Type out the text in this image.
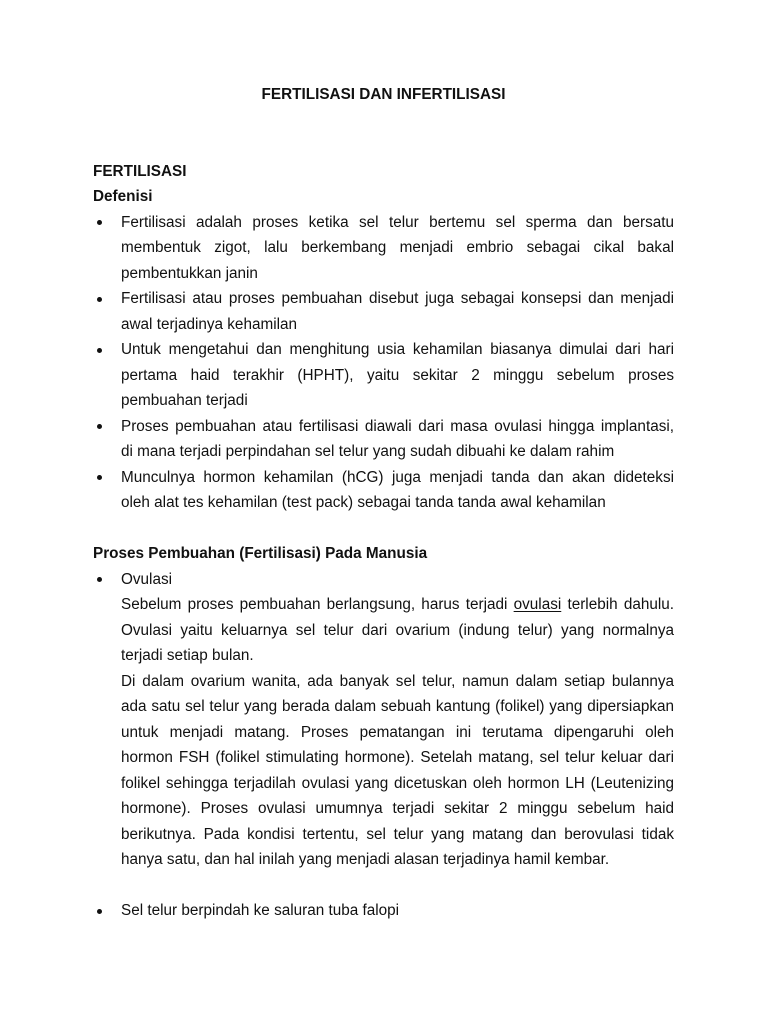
FERTILISASI DAN INFERTILISASI
FERTILISASI
Defenisi
Fertilisasi adalah proses ketika sel telur bertemu sel sperma dan bersatu
membentuk zigot, lalu berkembang menjadi embrio sebagai cikal bakal
pembentukkan janin
Fertilisasi atau proses pembuahan disebut juga sebagai konsepsi dan menjadi
awal terjadinya kehamilan
Untuk mengetahui dan menghitung usia kehamilan biasanya dimulai dari hari
pertama haid terakhir (HPHT), yaitu sekitar 2 minggu sebelum proses
pembuahan terjadi
Proses pembuahan atau fertilisasi diawali dari masa ovulasi hingga implantasi,
di mana terjadi perpindahan sel telur yang sudah dibuahi ke dalam rahim
Munculnya hormon kehamilan (hCG) juga menjadi tanda dan akan dideteksi
oleh alat tes kehamilan (test pack) sebagai tanda tanda awal kehamilan
Proses Pembuahan (Fertilisasi) Pada Manusia
Ovulasi
Sebelum proses pembuahan berlangsung, harus terjadi ovulasi terlebih dahulu.
Ovulasi yaitu keluarnya sel telur dari ovarium (indung telur) yang normalnya
terjadi setiap bulan.
Di dalam ovarium wanita, ada banyak sel telur, namun dalam setiap bulannya
ada satu sel telur yang berada dalam sebuah kantung (folikel) yang dipersiapkan
untuk menjadi matang. Proses pematangan ini terutama dipengaruhi oleh
hormon FSH (folikel stimulating hormone). Setelah matang, sel telur keluar dari
folikel sehingga terjadilah ovulasi yang dicetuskan oleh hormon LH (Leutenizing
hormone). Proses ovulasi umumnya terjadi sekitar 2 minggu sebelum haid
berikutnya. Pada kondisi tertentu, sel telur yang matang dan berovulasi tidak
hanya satu, dan hal inilah yang menjadi alasan terjadinya hamil kembar.
Sel telur berpindah ke saluran tuba falopi
